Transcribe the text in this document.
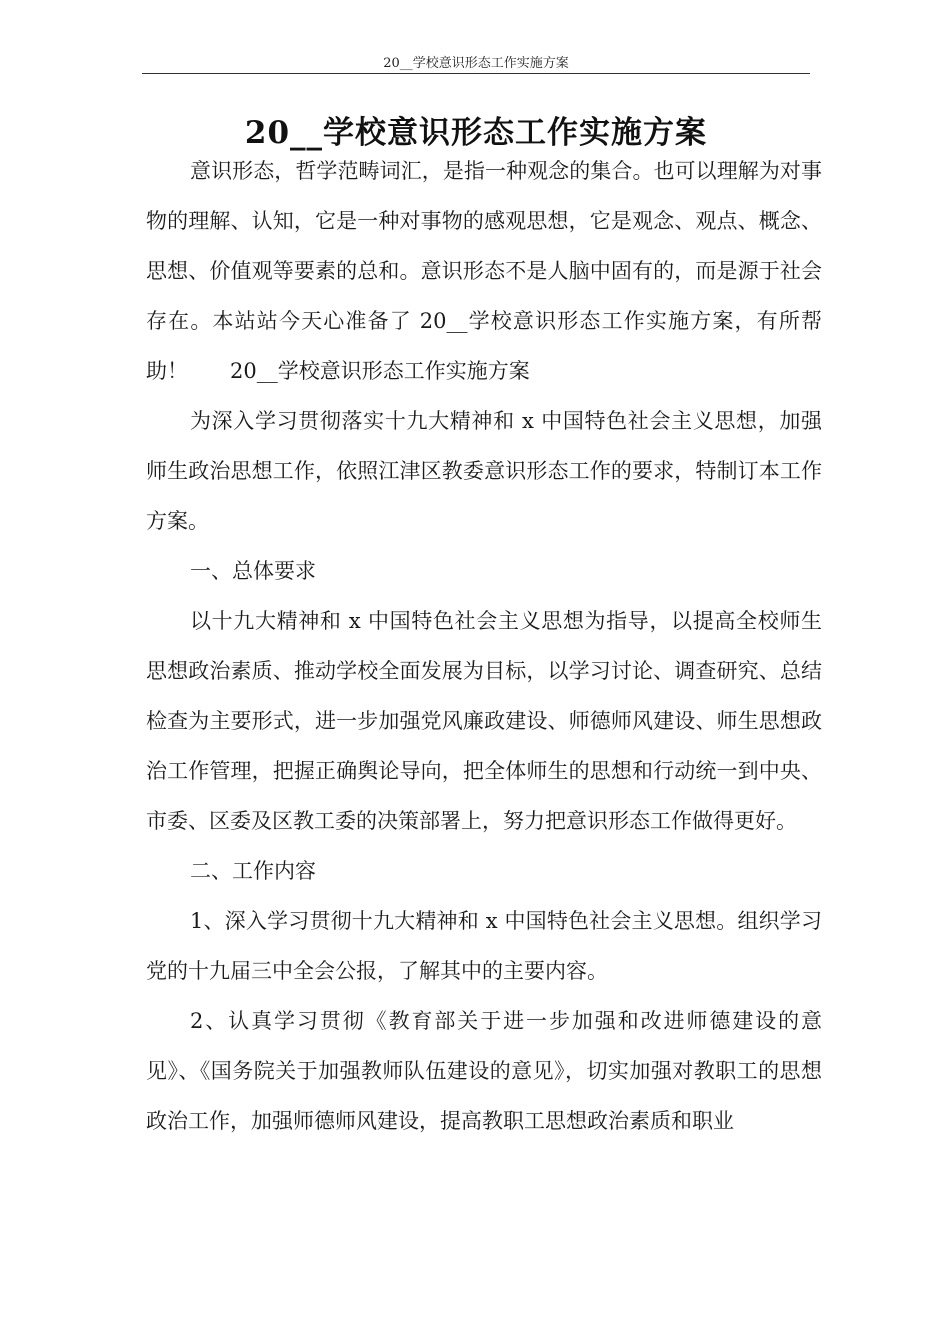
20__学校意识形态工作实施方案
20__学校意识形态工作实施方案

意识形态，哲学范畴词汇，是指一种观念的集合。也可以理解为对事物的理解、认知，它是一种对事物的感观思想，它是观念、观点、概念、思想、价值观等要素的总和。意识形态不是人脑中固有的，而是源于社会存在。本站站今天心准备了 20__学校意识形态工作实施方案，有所帮助！　　20__学校意识形态工作实施方案

为深入学习贯彻落实十九大精神和 x 中国特色社会主义思想，加强师生政治思想工作，依照江津区教委意识形态工作的要求，特制订本工作方案。

一、总体要求

以十九大精神和 x 中国特色社会主义思想为指导，以提高全校师生思想政治素质、推动学校全面发展为目标，以学习讨论、调查研究、总结检查为主要形式，进一步加强党风廉政建设、师德师风建设、师生思想政治工作管理，把握正确舆论导向，把全体师生的思想和行动统一到中央、市委、区委及区教工委的决策部署上，努力把意识形态工作做得更好。

二、工作内容

1、深入学习贯彻十九大精神和 x 中国特色社会主义思想。组织学习党的十九届三中全会公报，了解其中的主要内容。

2、认真学习贯彻《教育部关于进一步加强和改进师德建设的意见》、《国务院关于加强教师队伍建设的意见》，切实加强对教职工的思想政治工作，加强师德师风建设，提高教职工思想政治素质和职业
